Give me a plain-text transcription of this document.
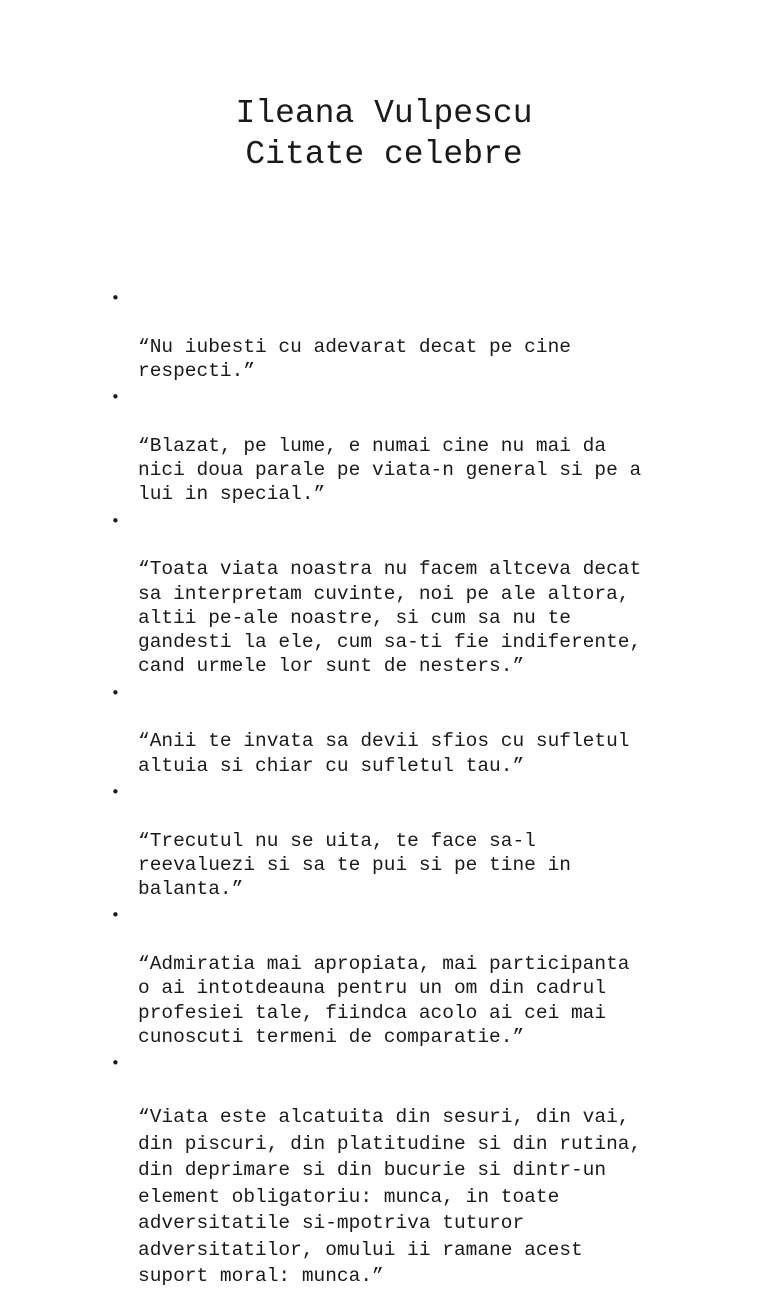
Ileana Vulpescu
Citate celebre

•

“Nu iubesti cu adevarat decat pe cine
respecti.”

•

“Blazat, pe lume, e numai cine nu mai da
nici doua parale pe viata-n general si pe a
lui in special.”

•

“Toata viata noastra nu facem altceva decat
sa interpretam cuvinte, noi pe ale altora,
altii pe-ale noastre, si cum sa nu te
gandesti la ele, cum sa-ti fie indiferente,
cand urmele lor sunt de nesters.”

•

“Anii te invata sa devii sfios cu sufletul
altuia si chiar cu sufletul tau.”

•

“Trecutul nu se uita, te face sa-l
reevaluezi si sa te pui si pe tine in
balanta.”

•

“Admiratia mai apropiata, mai participanta
o ai intotdeauna pentru un om din cadrul
profesiei tale, fiindca acolo ai cei mai
cunoscuti termeni de comparatie.”

•

“Viata este alcatuita din sesuri, din vai,
din piscuri, din platitudine si din rutina,
din deprimare si din bucurie si dintr-un
element obligatoriu: munca, in toate
adversitatile si-mpotriva tuturor
adversitatilor, omului ii ramane acest
suport moral: munca.”
